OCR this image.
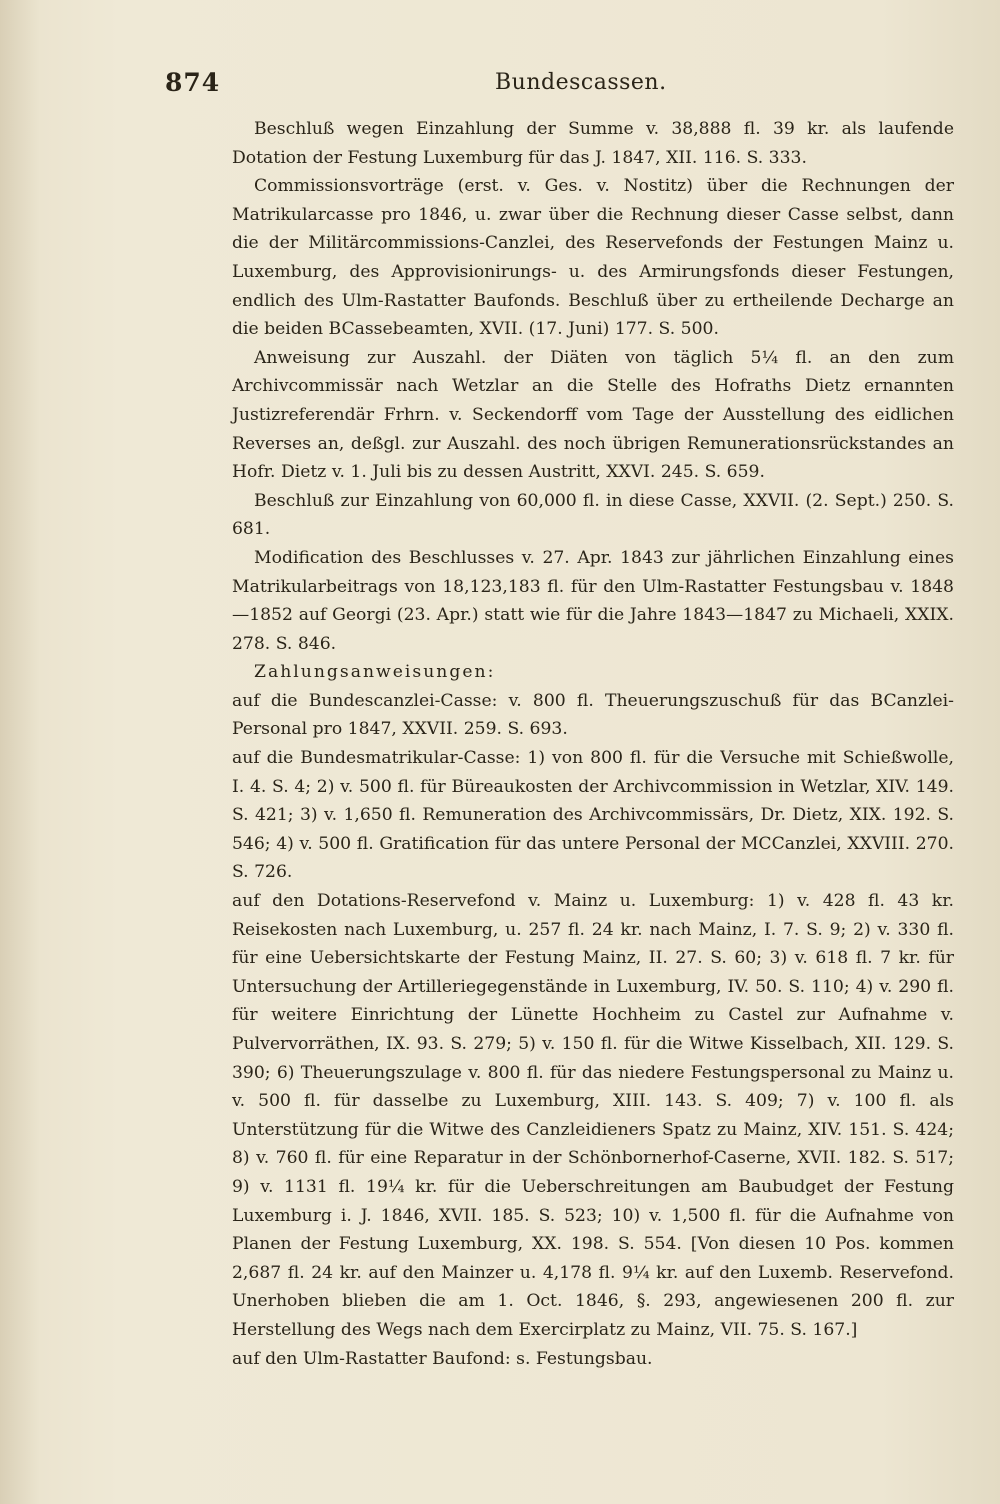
874	Bundescassen.

Beschluß wegen Einzahlung der Summe v. 38,888 fl. 39 kr. als laufende Dotation der Festung Luxemburg für das J. 1847, XII. 116. S. 333.

Commissionsvorträge (erst. v. Ges. v. Nostitz) über die Rechnungen der Matrikularcasse pro 1846, u. zwar über die Rechnung dieser Casse selbst, dann die der Militärcommissions-Canzlei, des Reservefonds der Festungen Mainz u. Luxemburg, des Approvisionirungs- u. des Armirungsfonds dieser Festungen, endlich des Ulm-Rastatter Baufonds. Beschluß über zu ertheilende Decharge an die beiden BCassebeamten, XVII. (17. Juni) 177. S. 500.

Anweisung zur Auszahl. der Diäten von täglich 5¼ fl. an den zum Archivcommissär nach Wetzlar an die Stelle des Hofraths Dietz ernannten Justizreferendär Frhrn. v. Seckendorff vom Tage der Ausstellung des eidlichen Reverses an, deßgl. zur Auszahl. des noch übrigen Remunerationsrückstandes an Hofr. Dietz v. 1. Juli bis zu dessen Austritt, XXVI. 245. S. 659.

Beschluß zur Einzahlung von 60,000 fl. in diese Casse, XXVII. (2. Sept.) 250. S. 681.

Modification des Beschlusses v. 27. Apr. 1843 zur jährlichen Einzahlung eines Matrikularbeitrags von 18,123,183 fl. für den Ulm-Rastatter Festungsbau v. 1848—1852 auf Georgi (23. Apr.) statt wie für die Jahre 1843—1847 zu Michaeli, XXIX. 278. S. 846.

Zahlungsanweisungen:

auf die Bundescanzlei-Casse: v. 800 fl. Theuerungszuschuß für das BCanzlei-Personal pro 1847, XXVII. 259. S. 693.

auf die Bundesmatrikular-Casse: 1) von 800 fl. für die Versuche mit Schießwolle, I. 4. S. 4; 2) v. 500 fl. für Büreaukosten der Archivcommission in Wetzlar, XIV. 149. S. 421; 3) v. 1,650 fl. Remuneration des Archivcommissärs, Dr. Dietz, XIX. 192. S. 546; 4) v. 500 fl. Gratification für das untere Personal der MCCanzlei, XXVIII. 270. S. 726.

auf den Dotations-Reservefond v. Mainz u. Luxemburg: 1) v. 428 fl. 43 kr. Reisekosten nach Luxemburg, u. 257 fl. 24 kr. nach Mainz, I. 7. S. 9; 2) v. 330 fl. für eine Uebersichtskarte der Festung Mainz, II. 27. S. 60; 3) v. 618 fl. 7 kr. für Untersuchung der Artilleriegegenstände in Luxemburg, IV. 50. S. 110; 4) v. 290 fl. für weitere Einrichtung der Lünette Hochheim zu Castel zur Aufnahme v. Pulvervorräthen, IX. 93. S. 279; 5) v. 150 fl. für die Witwe Kisselbach, XII. 129. S. 390; 6) Theuerungszulage v. 800 fl. für das niedere Festungspersonal zu Mainz u. v. 500 fl. für dasselbe zu Luxemburg, XIII. 143. S. 409; 7) v. 100 fl. als Unterstützung für die Witwe des Canzleidieners Spatz zu Mainz, XIV. 151. S. 424; 8) v. 760 fl. für eine Reparatur in der Schönbornerhof-Caserne, XVII. 182. S. 517; 9) v. 1131 fl. 19¼ kr. für die Ueberschreitungen am Baubudget der Festung Luxemburg i. J. 1846, XVII. 185. S. 523; 10) v. 1,500 fl. für die Aufnahme von Planen der Festung Luxemburg, XX. 198. S. 554. [Von diesen 10 Pos. kommen 2,687 fl. 24 kr. auf den Mainzer u. 4,178 fl. 9¼ kr. auf den Luxemb. Reservefond. Unerhoben blieben die am 1. Oct. 1846, §. 293, angewiesenen 200 fl. zur Herstellung des Wegs nach dem Exercirplatz zu Mainz, VII. 75. S. 167.]

auf den Ulm-Rastatter Baufond: s. Festungsbau.
